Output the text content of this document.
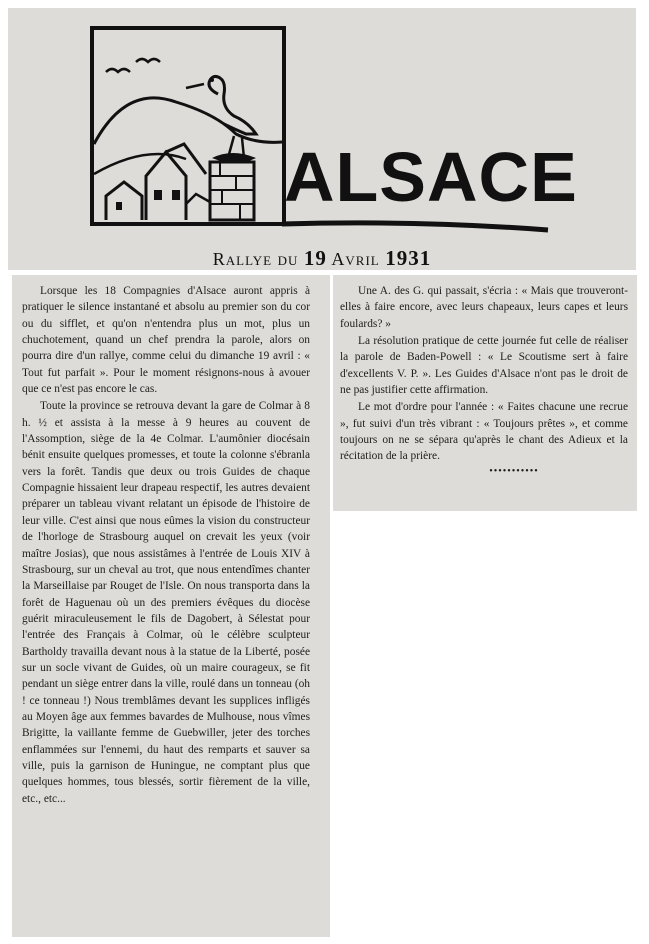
ALSACE
Rallye du 19 Avril 1931

Lorsque les 18 Compagnies d'Alsace auront appris à pratiquer le silence instantané et absolu au premier son du cor ou du sifflet, et qu'on n'entendra plus un mot, plus un chuchotement, quand un chef prendra la parole, alors on pourra dire d'un rallye, comme celui du dimanche 19 avril : « Tout fut parfait ». Pour le moment résignons-nous à avouer que ce n'est pas encore le cas.

Toute la province se retrouva devant la gare de Colmar à 8 h. ½ et assista à la messe à 9 heures au couvent de l'Assomption, siège de la 4e Colmar. L'aumônier diocésain bénit ensuite quelques promesses, et toute la colonne s'ébranla vers la forêt. Tandis que deux ou trois Guides de chaque Compagnie hissaient leur drapeau respectif, les autres devaient préparer un tableau vivant relatant un épisode de l'histoire de leur ville. C'est ainsi que nous eûmes la vision du constructeur de l'horloge de Strasbourg auquel on crevait les yeux (voir maître Josias), que nous assistâmes à l'entrée de Louis XIV à Strasbourg, sur un cheval au trot, que nous entendîmes chanter la Marseillaise par Rouget de l'Isle. On nous transporta dans la forêt de Haguenau où un des premiers évêques du diocèse guérit miraculeusement le fils de Dagobert, à Sélestat pour l'entrée des Français à Colmar, où le célèbre sculpteur Bartholdy travailla devant nous à la statue de la Liberté, posée sur un socle vivant de Guides, où un maire courageux, se fit pendant un siège entrer dans la ville, roulé dans un tonneau (oh ! ce tonneau !) Nous tremblâmes devant les supplices infligés au Moyen âge aux femmes bavardes de Mulhouse, nous vîmes Brigitte, la vaillante femme de Guebwiller, jeter des torches enflammées sur l'ennemi, du haut des remparts et sauver sa ville, puis la garnison de Huningue, ne comptant plus que quelques hommes, tous blessés, sortir fièrement de la ville, etc., etc...

Une A. des G. qui passait, s'écria : « Mais que trouveront-elles à faire encore, avec leurs chapeaux, leurs capes et leurs foulards? »

La résolution pratique de cette journée fut celle de réaliser la parole de Baden-Powell : « Le Scoutisme sert à faire d'excellents V. P. ». Les Guides d'Alsace n'ont pas le droit de ne pas justifier cette affirmation.

Le mot d'ordre pour l'année : « Faites chacune une recrue », fut suivi d'un très vibrant : « Toujours prêtes », et comme toujours on ne se sépara qu'après le chant des Adieux et la récitation de la prière.

•••••••••••
